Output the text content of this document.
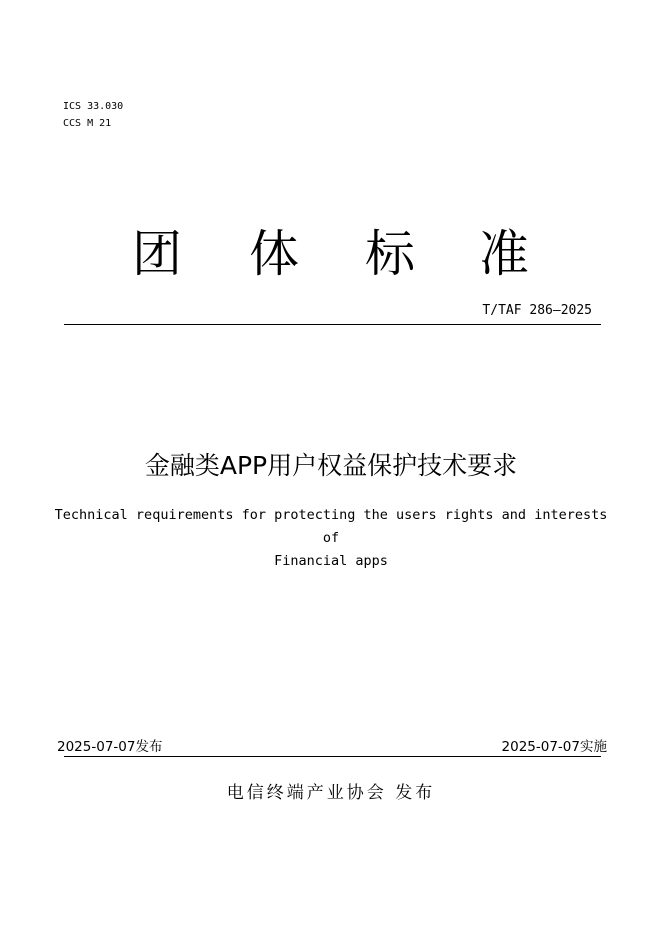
ICS 33.030
CCS M 21
团 体 标 准
T/TAF 286—2025
金融类APP用户权益保护技术要求
Technical requirements for protecting the users rights and interests of
Financial apps
2025-07-07发布	2025-07-07实施
电信终端产业协会 发布
